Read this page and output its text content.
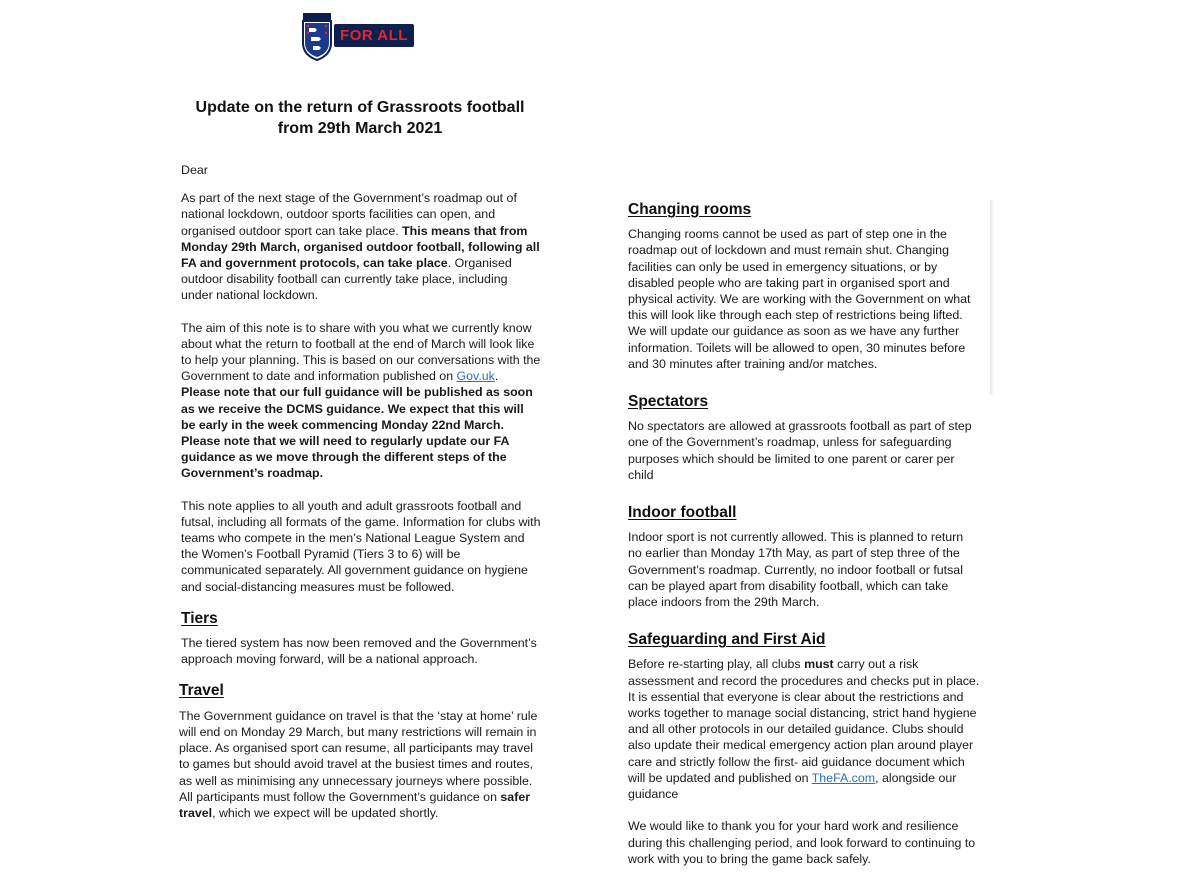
FOR ALL
Update on the return of Grassroots football from 29th March 2021

Dear

As part of the next stage of the Government’s roadmap out of national lockdown, outdoor sports facilities can open, and organised outdoor sport can take place. This means that from Monday 29th March, organised outdoor football, following all FA and government protocols, can take place. Organised outdoor disability football can currently take place, including under national lockdown.

The aim of this note is to share with you what we currently know about what the return to football at the end of March will look like to help your planning. This is based on our conversations with the Government to date and information published on Gov.uk. Please note that our full guidance will be published as soon as we receive the DCMS guidance. We expect that this will be early in the week commencing Monday 22nd March. Please note that we will need to regularly update our FA guidance as we move through the different steps of the Government’s roadmap.

This note applies to all youth and adult grassroots football and futsal, including all formats of the game. Information for clubs with teams who compete in the men’s National League System and the Women’s Football Pyramid (Tiers 3 to 6) will be communicated separately. All government guidance on hygiene and social-distancing measures must be followed.

Tiers

The tiered system has now been removed and the Government’s approach moving forward, will be a national approach.

Travel

The Government guidance on travel is that the ‘stay at home’ rule will end on Monday 29 March, but many restrictions will remain in place. As organised sport can resume, all participants may travel to games but should avoid travel at the busiest times and routes, as well as minimising any unnecessary journeys where possible. All participants must follow the Government’s guidance on safer travel, which we expect will be updated shortly.

Changing rooms

Changing rooms cannot be used as part of step one in the roadmap out of lockdown and must remain shut. Changing facilities can only be used in emergency situations, or by disabled people who are taking part in organised sport and physical activity. We are working with the Government on what this will look like through each step of restrictions being lifted. We will update our guidance as soon as we have any further information. Toilets will be allowed to open, 30 minutes before and 30 minutes after training and/or matches.

Spectators

No spectators are allowed at grassroots football as part of step one of the Government’s roadmap, unless for safeguarding purposes which should be limited to one parent or carer per child

Indoor football

Indoor sport is not currently allowed. This is planned to return no earlier than Monday 17th May, as part of step three of the Government’s roadmap. Currently, no indoor football or futsal can be played apart from disability football, which can take place indoors from the 29th March.

Safeguarding and First Aid

Before re-starting play, all clubs must carry out a risk assessment and record the procedures and checks put in place. It is essential that everyone is clear about the restrictions and works together to manage social distancing, strict hand hygiene and all other protocols in our detailed guidance. Clubs should also update their medical emergency action plan around player care and strictly follow the first- aid guidance document which will be updated and published on TheFA.com, alongside our guidance

We would like to thank you for your hard work and resilience during this challenging period, and look forward to continuing to work with you to bring the game back safely.
